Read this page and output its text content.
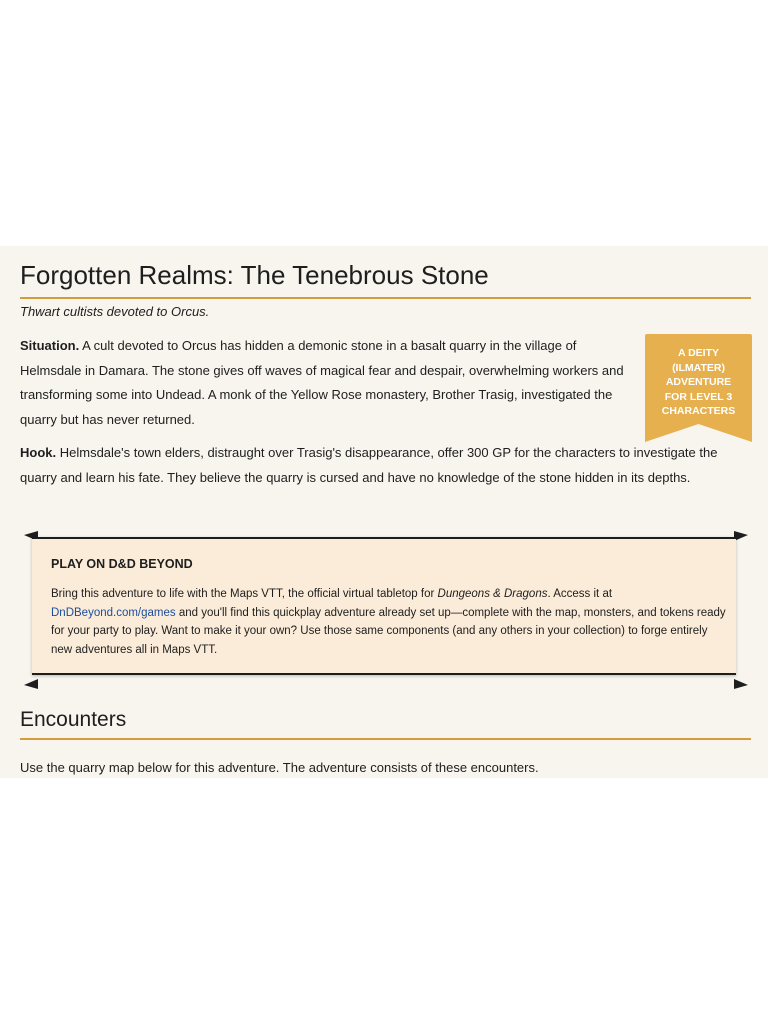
Forgotten Realms: The Tenebrous Stone

Thwart cultists devoted to Orcus.

Situation. A cult devoted to Orcus has hidden a demonic stone in a basalt quarry in the village of Helmsdale in Damara. The stone gives off waves of magical fear and despair, overwhelming workers and transforming some into Undead. A monk of the Yellow Rose monastery, Brother Trasig, investigated the quarry but has never returned.

A DEITY
(ILMATER)
ADVENTURE
FOR LEVEL 3
CHARACTERS

Hook. Helmsdale's town elders, distraught over Trasig's disappearance, offer 300 GP for the characters to investigate the quarry and learn his fate. They believe the quarry is cursed and have no knowledge of the stone hidden in its depths.

PLAY ON D&D BEYOND

Bring this adventure to life with the Maps VTT, the official virtual tabletop for Dungeons & Dragons. Access it at
DnDBeyond.com/games and you'll find this quickplay adventure already set up—complete with the map, monsters, and tokens ready for your party to play. Want to make it your own? Use those same components (and any others in your collection) to forge entirely new adventures all in Maps VTT.

Encounters

Use the quarry map below for this adventure. The adventure consists of these encounters.
